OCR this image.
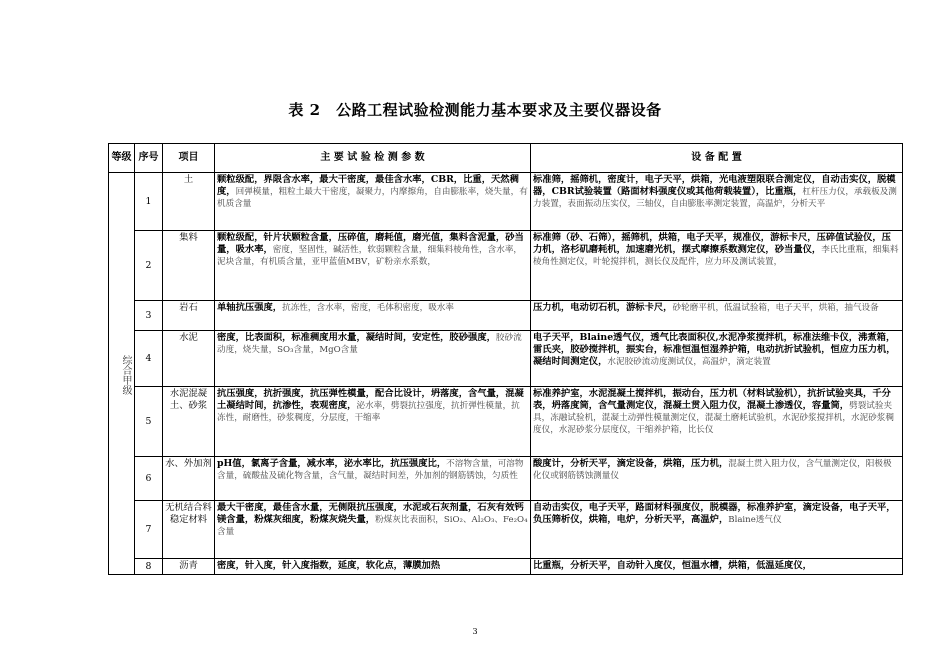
表 2　公路工程试验检测能力基本要求及主要仪器设备
等级	序号	项目	主 要 试 验 检 测 参 数	设 备 配 置
综合甲级	1	土	颗粒级配，界限含水率，最大干密度，最佳含水率，CBR，比重，天然稠度，回弹模量，粗粒土最大干密度，凝聚力，内摩擦角，自由膨胀率，烧失量，有机质含量	标准筛，摇筛机，密度计，电子天平，烘箱，光电液塑限联合测定仪，自动击实仪，脱模器，CBR试验装置（路面材料强度仪或其他荷载装置），比重瓶，杠杆压力仪，承载板及测力装置，表面振动压实仪，三轴仪，自由膨胀率测定装置，高温炉，分析天平
	2	集料	颗粒级配，针片状颗粒含量，压碎值，磨耗值，磨光值，集料含泥量，砂当量，吸水率，密度，坚固性，碱活性，软弱颗粒含量，细集料棱角性，含水率，泥块含量，有机质含量，亚甲蓝值MBV，矿粉亲水系数，	标准筛（砂、石筛），摇筛机，烘箱，电子天平，规准仪，游标卡尺，压碎值试验仪，压力机，洛杉矶磨耗机，加速磨光机，摆式摩擦系数测定仪，砂当量仪，李氏比重瓶，细集料棱角性测定仪，叶轮搅拌机，测长仪及配件，应力环及测试装置，
	3	岩石	单轴抗压强度，抗冻性，含水率，密度，毛体积密度，吸水率	压力机，电动切石机，游标卡尺，砂轮磨平机，低温试验箱，电子天平，烘箱，抽气设备
	4	水泥	密度，比表面积，标准稠度用水量，凝结时间，安定性，胶砂强度，胶砂流动度，烧失量，SO₃含量，MgO含量	电子天平，Blaine透气仪，透气比表面积仪,水泥净浆搅拌机，标准法维卡仪，沸煮箱，雷氏夹，胶砂搅拌机，振实台，标准恒温恒湿养护箱，电动抗折试验机，恒应力压力机，凝结时间测定仪，水泥胶砂流动度测试仪，高温炉，滴定装置
	5	水泥混凝土、砂浆	抗压强度，抗折强度，抗压弹性模量，配合比设计，坍落度，含气量，混凝土凝结时间，抗渗性，表观密度，泌水率，劈裂抗拉强度，抗折弹性模量，抗冻性，耐磨性，砂浆稠度，分层度，干缩率	标准养护室，水泥混凝土搅拌机，振动台，压力机（材料试验机），抗折试验夹具，千分表，坍落度筒，含气量测定仪，混凝土贯入阻力仪，混凝土渗透仪，容量筒，劈裂试验夹具，冻融试验机，混凝土动弹性模量测定仪，混凝土磨耗试验机，水泥砂浆搅拌机，水泥砂浆稠度仪，水泥砂浆分层度仪，干缩养护箱，比长仪
	6	水、外加剂	pH值，氯离子含量，减水率，泌水率比，抗压强度比，不溶物含量，可溶物含量，硫酸盐及硫化物含量，含气量，凝结时间差，外加剂的钢筋锈蚀，匀质性	酸度计，分析天平，滴定设备，烘箱，压力机，混凝土贯入阻力仪，含气量测定仪，阳极极化仪或钢筋锈蚀测量仪
	7	无机结合料稳定材料	最大干密度，最佳含水量，无侧限抗压强度，水泥或石灰剂量，石灰有效钙镁含量，粉煤灰细度，粉煤灰烧失量，粉煤灰比表面积，SiO₂、Al₂O₃、Fe₂O₄含量	自动击实仪，电子天平，路面材料强度仪，脱模器，标准养护室，滴定设备，电子天平，负压筛析仪，烘箱，电炉，分析天平，高温炉，Blaine透气仪
	8	沥青	密度，针入度，针入度指数，延度，软化点，薄膜加热	比重瓶，分析天平，自动针入度仪，恒温水槽，烘箱，低温延度仪，
3
